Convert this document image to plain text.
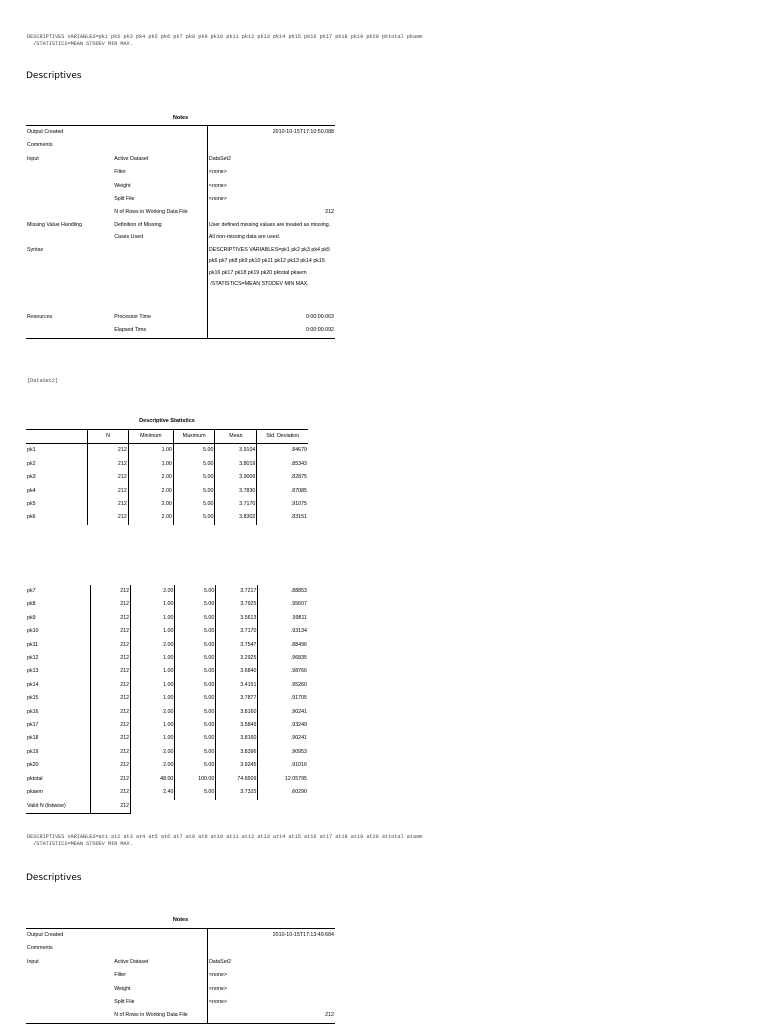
DESCRIPTIVES VARIABLES=pk1 pk2 pk3 pk4 pk5 pk6 pk7 pk8 pk9 pk10 pk11 pk12 pk13 pk14 pk15 pk16 pk17 pk18 pk19 pk20 pktotal pkaem
/STATISTICS=MEAN STDDEV MIN MAX.
Descriptives
Notes
Output Created		2010-10-15T17:10:50.088
Comments		
Input	Active Dataset	DataSet2
	Filter	<none>
	Weight	<none>
	Split File	<none>
	N of Rows in Working Data File	212
Missing Value Handling	Definition of Missing	User defined missing values are treated as missing.
	Cases Used	All non-missing data are used.
Syntax		DESCRIPTIVES VARIABLES=pk1 pk2 pk3 pk4 pk5 pk6 pk7 pk8 pk9 pk10 pk11 pk12 pk13 pk14 pk15 pk16 pk17 pk18 pk19 pk20 pktotal pkaem
/STATISTICS=MEAN STDDEV MIN MAX.
Resources	Processor Time	0:00:00.063
	Elapsed Time	0:00:00.092
[DataSet2]
Descriptive Statistics
	N	Minimum	Maximum	Mean	Std. Deviation
pk1	212	1.00	5.00	3.9104	.84679
pk2	212	1.00	5.00	3.8019	.85343
pk3	212	2.00	5.00	3.9009	.82875
pk4	212	2.00	5.00	3.7830	.87085
pk5	212	2.00	5.00	3.7170	.91075
pk6	212	2.00	5.00	3.8302	.83151
pk7	212	2.00	5.00	3.7217	.88853
pk8	212	1.00	5.00	3.7925	.95607
pk9	212	1.00	5.00	3.5613	.99811
pk10	212	1.00	5.00	3.7170	.93134
pk11	212	2.00	5.00	3.7547	.88496
pk12	212	1.00	5.00	3.2925	.96835
pk13	212	1.00	5.00	3.6840	.98766
pk14	212	1.00	5.00	3.4151	.95260
pk15	212	1.00	5.00	3.7877	.91705
pk16	212	2.00	5.00	3.8160	.90241
pk17	212	1.00	5.00	3.5849	.93249
pk18	212	1.00	5.00	3.8160	.90241
pk19	212	2.00	5.00	3.8396	.90953
pk20	212	2.00	5.00	3.9245	.91016
pktotal	212	48.00	100.00	74.6509	12.05795
pkaem	212	2.40	5.00	3.7325	.60290
Valid N (listwise)	212				
DESCRIPTIVES VARIABLES=at1 at2 at3 at4 at5 at6 at7 at8 at9 at10 at11 at12 at13 at14 at15 at16 at17 at18 at19 at20 attotal ataem
/STATISTICS=MEAN STDDEV MIN MAX.
Descriptives
Notes
Output Created		2010-10-15T17:13:49.684
Comments		
Input	Active Dataset	DataSet2
	Filter	<none>
	Weight	<none>
	Split File	<none>
	N of Rows in Working Data File	212
